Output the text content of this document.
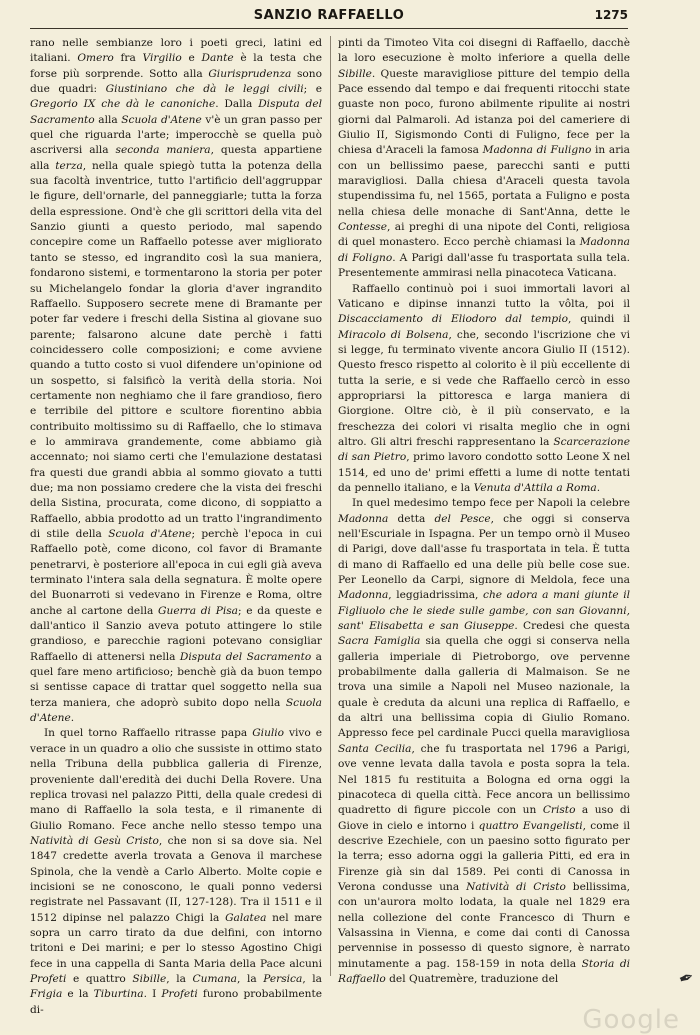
SANZIO RAFFAELLO	1275

rano nelle sembianze loro i poeti greci, latini ed italiani. Omero fra Virgilio e Dante è la testa che forse più sorprende. Sotto alla Giurisprudenza sono due quadri: Giustiniano che dà le leggi civili; e Gregorio IX che dà le canoniche. Dalla Disputa del Sacramento alla Scuola d'Atene v'è un gran passo per quel che riguarda l'arte; imperocchè se quella può ascriversi alla seconda maniera, questa appartiene alla terza, nella quale spiegò tutta la potenza della sua facoltà inventrice, tutto l'artificio dell'aggruppar le figure, dell'ornarle, del panneggiarle; tutta la forza della espressione. Ond'è che gli scrittori della vita del Sanzio giunti a questo periodo, mal sapendo concepire come un Raffaello potesse aver migliorato tanto se stesso, ed ingrandito così la sua maniera, fondarono sistemi, e tormentarono la storia per poter su Michelangelo fondar la gloria d'aver ingrandito Raffaello. Supposero secrete mene di Bramante per poter far vedere i freschi della Sistina al giovane suo parente; falsarono alcune date perchè i fatti coincidessero colle composizioni; e come avviene quando a tutto costo si vuol difendere un'opinione od un sospetto, si falsificò la verità della storia. Noi certamente non neghiamo che il fare grandioso, fiero e terribile del pittore e scultore fiorentino abbia contribuito moltissimo su di Raffaello, che lo stimava e lo ammirava grandemente, come abbiamo già accennato; noi siamo certi che l'emulazione destatasi fra questi due grandi abbia al sommo giovato a tutti due; ma non possiamo credere che la vista dei freschi della Sistina, procurata, come dicono, di soppiatto a Raffaello, abbia prodotto ad un tratto l'ingrandimento di stile della Scuola d'Atene; perchè l'epoca in cui Raffaello potè, come dicono, col favor di Bramante penetrarvi, è posteriore all'epoca in cui egli già aveva terminato l'intera sala della segnatura. È molte opere del Buonarroti si vedevano in Firenze e Roma, oltre anche al cartone della Guerra di Pisa; e da queste e dall'antico il Sanzio aveva potuto attingere lo stile grandioso, e parecchie ragioni potevano consigliar Raffaello di attenersi nella Disputa del Sacramento a quel fare meno artificioso; benchè già da buon tempo si sentisse capace di trattar quel soggetto nella sua terza maniera, che adoprò subito dopo nella Scuola d'Atene.

In quel torno Raffaello ritrasse papa Giulio vivo e verace in un quadro a olio che sussiste in ottimo stato nella Tribuna della pubblica galleria di Firenze, proveniente dall'eredità dei duchi Della Rovere. Una replica trovasi nel palazzo Pitti, della quale credesi di mano di Raffaello la sola testa, e il rimanente di Giulio Romano. Fece anche nello stesso tempo una Natività di Gesù Cristo, che non si sa dove sia. Nel 1847 credette averla trovata a Genova il marchese Spinola, che la vendè a Carlo Alberto. Molte copie e incisioni se ne conoscono, le quali ponno vedersi registrate nel Passavant (II, 127-128). Tra il 1511 e il 1512 dipinse nel palazzo Chigi la Galatea nel mare sopra un carro tirato da due delfini, con intorno tritoni e Dei marini; e per lo stesso Agostino Chigi fece in una cappella di Santa Maria della Pace alcuni Profeti e quattro Sibille, la Cumana, la Persica, la Frigia e la Tiburtina. I Profeti furono probabilmente di-

pinti da Timoteo Vita coi disegni di Raffaello, dacchè la loro esecuzione è molto inferiore a quella delle Sibille. Queste maravigliose pitture del tempio della Pace essendo dal tempo e dai frequenti ritocchi state guaste non poco, furono abilmente ripulite ai nostri giorni dal Palmaroli. Ad istanza poi del cameriere di Giulio II, Sigismondo Conti di Fuligno, fece per la chiesa d'Araceli la famosa Madonna di Fuligno in aria con un bellissimo paese, parecchi santi e putti maravigliosi. Dalla chiesa d'Araceli questa tavola stupendissima fu, nel 1565, portata a Fuligno e posta nella chiesa delle monache di Sant'Anna, dette le Contesse, ai preghi di una nipote del Conti, religiosa di quel monastero. Ecco perchè chiamasi la Madonna di Foligno. A Parigi dall'asse fu trasportata sulla tela. Presentemente ammirasi nella pinacoteca Vaticana.

Raffaello continuò poi i suoi immortali lavori al Vaticano e dipinse innanzi tutto la vôlta, poi il Discacciamento di Eliodoro dal tempio, quindi il Miracolo di Bolsena, che, secondo l'iscrizione che vi si legge, fu terminato vivente ancora Giulio II (1512). Questo fresco rispetto al colorito è il più eccellente di tutta la serie, e si vede che Raffaello cercò in esso appropriarsi la pittoresca e larga maniera di Giorgione. Oltre ciò, è il più conservato, e la freschezza dei colori vi risalta meglio che in ogni altro. Gli altri freschi rappresentano la Scarcerazione di san Pietro, primo lavoro condotto sotto Leone X nel 1514, ed uno de' primi effetti a lume di notte tentati da pennello italiano, e la Venuta d'Attila a Roma.

In quel medesimo tempo fece per Napoli la celebre Madonna detta del Pesce, che oggi si conserva nell'Escuriale in Ispagna. Per un tempo ornò il Museo di Parigi, dove dall'asse fu trasportata in tela. È tutta di mano di Raffaello ed una delle più belle cose sue. Per Leonello da Carpi, signore di Meldola, fece una Madonna, leggiadrissima, che adora a mani giunte il Figliuolo che le siede sulle gambe, con san Giovanni, sant' Elisabetta e san Giuseppe. Credesi che questa Sacra Famiglia sia quella che oggi si conserva nella galleria imperiale di Pietroborgo, ove pervenne probabilmente dalla galleria di Malmaison. Se ne trova una simile a Napoli nel Museo nazionale, la quale è creduta da alcuni una replica di Raffaello, e da altri una bellissima copia di Giulio Romano. Appresso fece pel cardinale Pucci quella maravigliosa Santa Cecilia, che fu trasportata nel 1796 a Parigi, ove venne levata dalla tavola e posta sopra la tela. Nel 1815 fu restituita a Bologna ed orna oggi la pinacoteca di quella città. Fece ancora un bellissimo quadretto di figure piccole con un Cristo a uso di Giove in cielo e intorno i quattro Evangelisti, come il descrive Ezechiele, con un paesino sotto figurato per la terra; esso adorna oggi la galleria Pitti, ed era in Firenze già sin dal 1589. Pei conti di Canossa in Verona condusse una Natività di Cristo bellissima, con un'aurora molto lodata, la quale nel 1829 era nella collezione del conte Francesco di Thurn e Valsassina in Vienna, e come dai conti di Canossa pervennise in possesso di questo signore, è narrato minutamente a pag. 158-159 in nota della Storia di Raffaello del Quatremère, traduzione del	✒
Google
